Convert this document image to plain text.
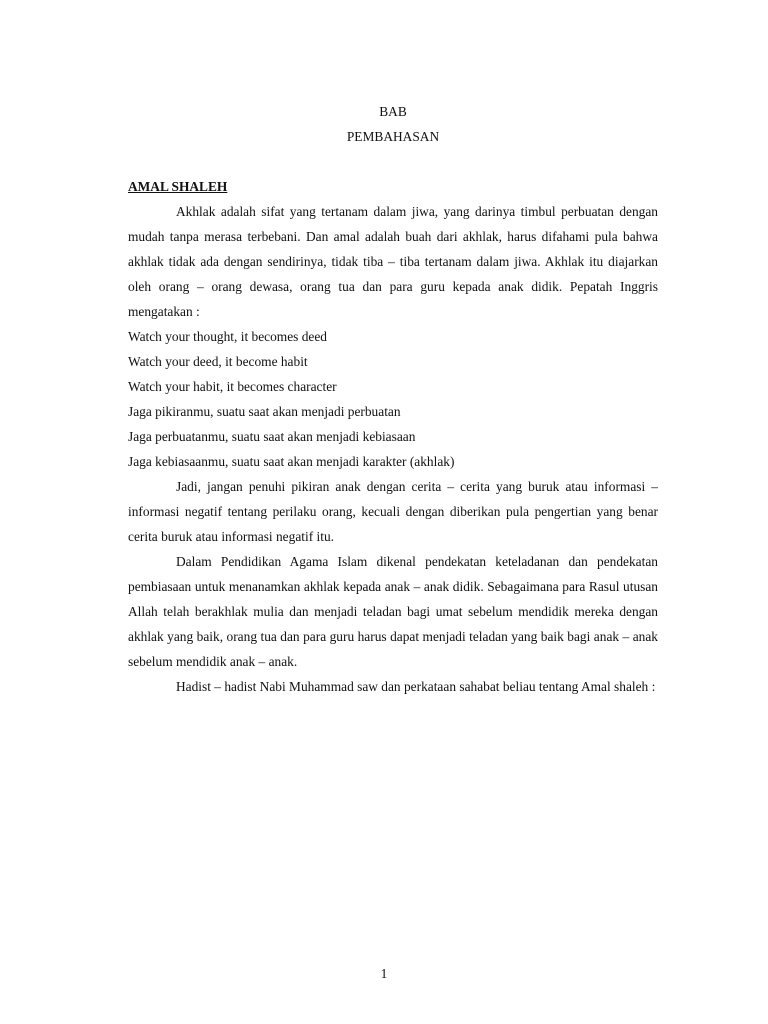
BAB
PEMBAHASAN
AMAL SHALEH

Akhlak adalah sifat yang tertanam dalam jiwa, yang darinya timbul perbuatan dengan mudah tanpa merasa terbebani. Dan amal adalah buah dari akhlak, harus difahami pula bahwa akhlak tidak ada dengan sendirinya, tidak tiba – tiba tertanam dalam jiwa. Akhlak itu diajarkan oleh orang – orang dewasa, orang tua dan para guru kepada anak didik. Pepatah Inggris mengatakan :

Watch your thought, it becomes deed

Watch your deed, it become habit

Watch your habit, it becomes character

Jaga pikiranmu, suatu saat akan menjadi perbuatan

Jaga perbuatanmu, suatu saat akan menjadi kebiasaan

Jaga kebiasaanmu, suatu saat akan menjadi karakter (akhlak)

Jadi, jangan penuhi pikiran anak dengan cerita – cerita yang buruk atau informasi – informasi negatif tentang perilaku orang, kecuali dengan diberikan pula pengertian yang benar cerita buruk atau informasi negatif itu.

Dalam Pendidikan Agama Islam dikenal pendekatan keteladanan dan pendekatan pembiasaan untuk menanamkan akhlak kepada anak – anak didik. Sebagaimana para Rasul utusan Allah telah berakhlak mulia dan menjadi teladan bagi umat sebelum mendidik mereka dengan akhlak yang baik, orang tua dan para guru harus dapat menjadi teladan yang baik bagi anak – anak sebelum mendidik anak – anak.

Hadist – hadist Nabi Muhammad saw dan perkataan sahabat beliau tentang Amal shaleh :

1
